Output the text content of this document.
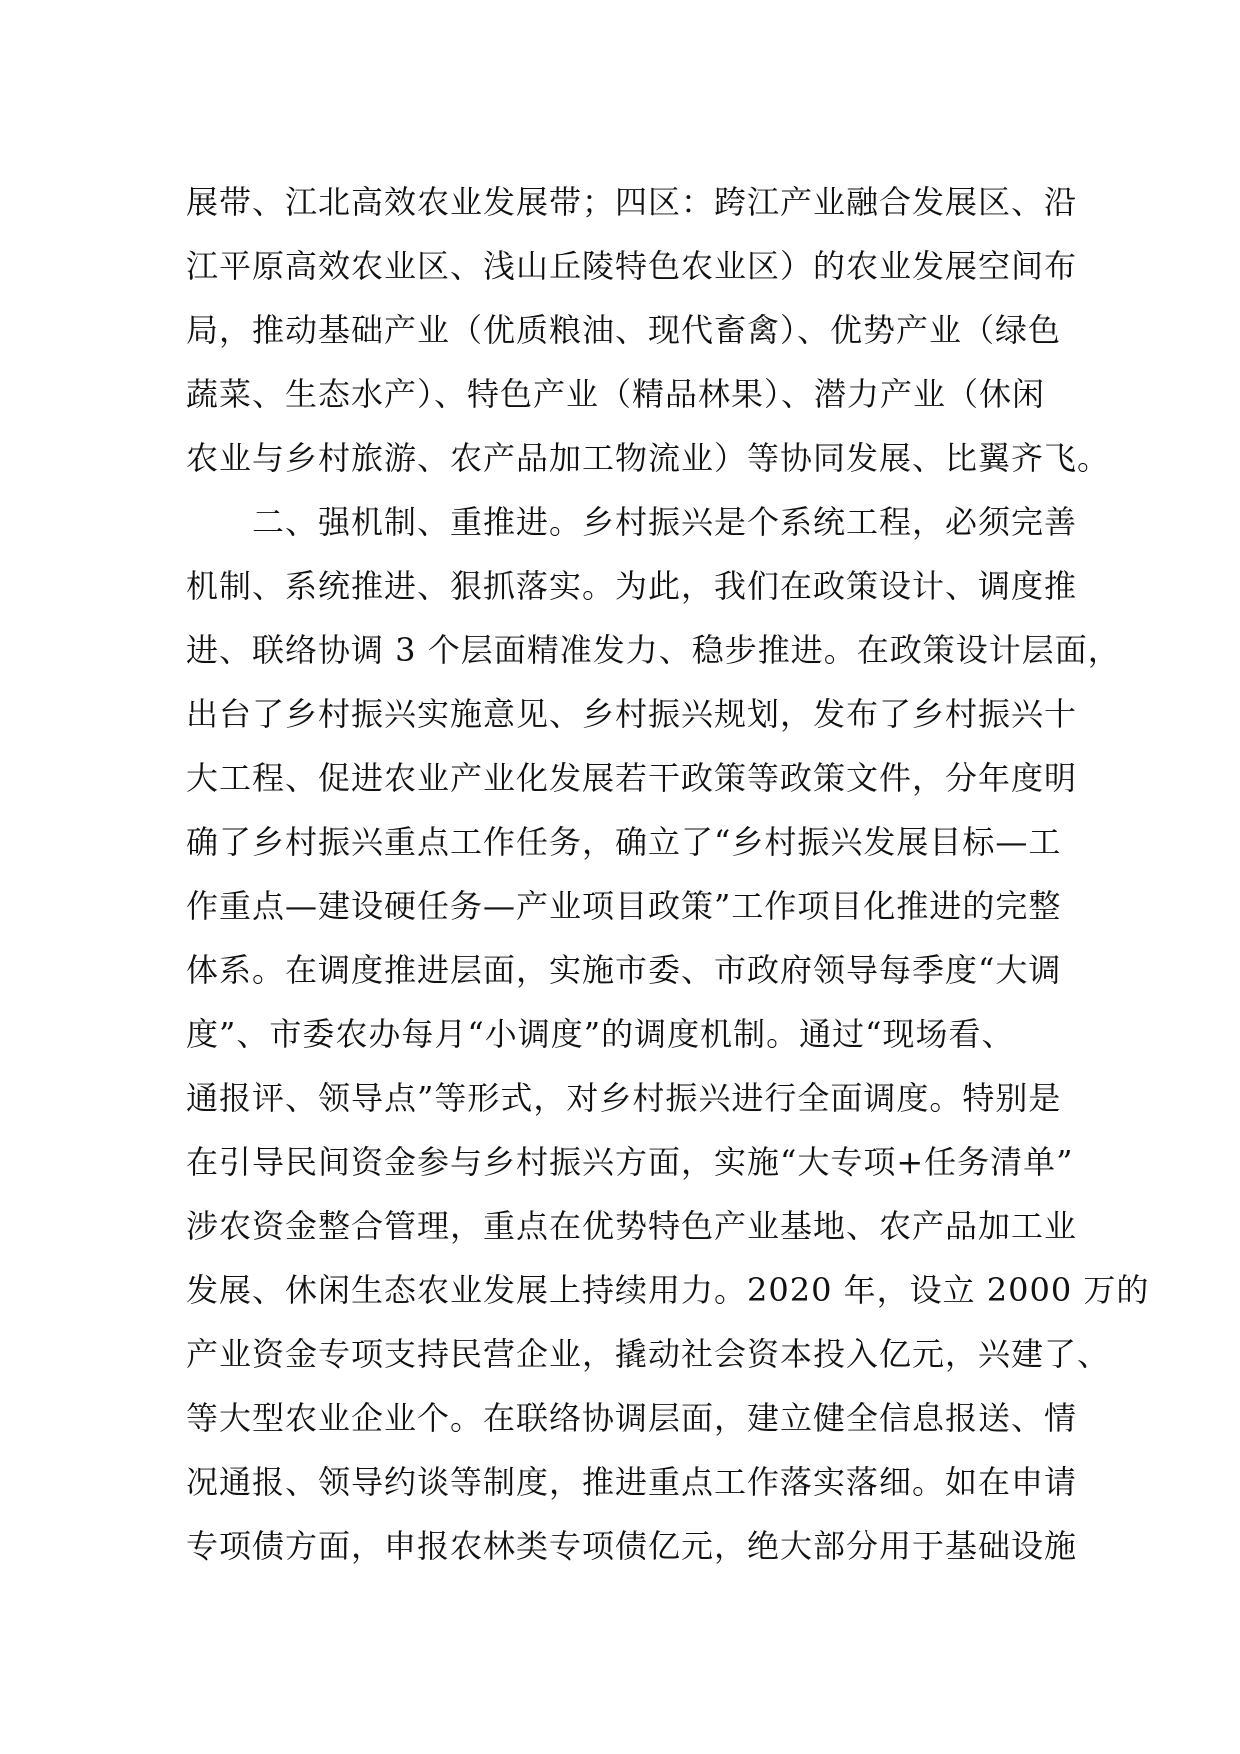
展带、江北高效农业发展带；四区：跨江产业融合发展区、沿
江平原高效农业区、浅山丘陵特色农业区）的农业发展空间布
局，推动基础产业（优质粮油、现代畜禽）、优势产业（绿色
蔬菜、生态水产）、特色产业（精品林果）、潜力产业（休闲
农业与乡村旅游、农产品加工物流业）等协同发展、比翼齐飞。
　　二、强机制、重推进。乡村振兴是个系统工程，必须完善
机制、系统推进、狠抓落实。为此，我们在政策设计、调度推
进、联络协调 3 个层面精准发力、稳步推进。在政策设计层面，
出台了乡村振兴实施意见、乡村振兴规划，发布了乡村振兴十
大工程、促进农业产业化发展若干政策等政策文件，分年度明
确了乡村振兴重点工作任务，确立了“乡村振兴发展目标—工
作重点—建设硬任务—产业项目政策”工作项目化推进的完整
体系。在调度推进层面，实施市委、市政府领导每季度“大调
度”、市委农办每月“小调度”的调度机制。通过“现场看、
通报评、领导点”等形式，对乡村振兴进行全面调度。特别是
在引导民间资金参与乡村振兴方面，实施“大专项+任务清单”
涉农资金整合管理，重点在优势特色产业基地、农产品加工业
发展、休闲生态农业发展上持续用力。2020 年，设立 2000 万的
产业资金专项支持民营企业，撬动社会资本投入亿元，兴建了、
等大型农业企业个。在联络协调层面，建立健全信息报送、情
况通报、领导约谈等制度，推进重点工作落实落细。如在申请
专项债方面，申报农林类专项债亿元，绝大部分用于基础设施
